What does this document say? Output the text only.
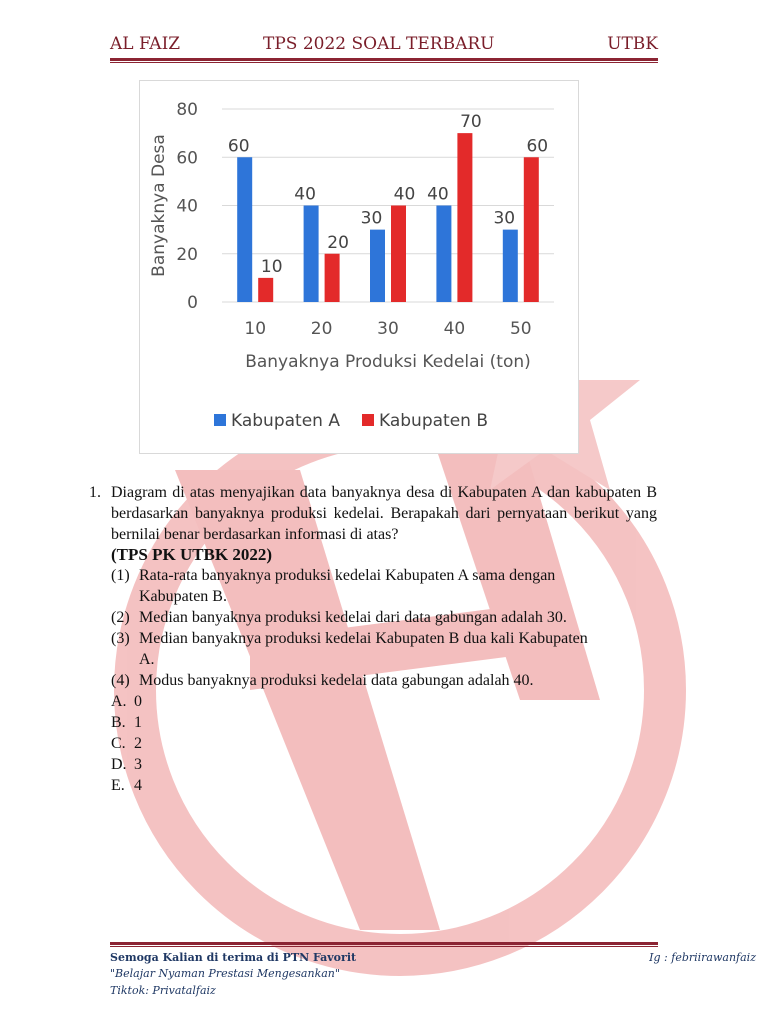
AL FAIZ	TPS 2022 SOAL TERBARU	UTBK
0
20
40
60
80
60
10
10
40
20
20
30
40
30
40
70
40
30
60
50
Banyaknya Produksi Kedelai (ton)
Banyaknya Desa
Kabupaten A Kabupaten B
1. Diagram di atas menyajikan data banyaknya desa di Kabupaten A dan kabupaten B berdasarkan banyaknya produksi kedelai. Berapakah dari pernyataan berikut yang bernilai benar berdasarkan informasi di atas?
(TPS PK UTBK 2022)
(1) Rata-rata banyaknya produksi kedelai Kabupaten A sama dengan
Kabupaten B.
(2) Median banyaknya produksi kedelai dari data gabungan adalah 30.
(3) Median banyaknya produksi kedelai Kabupaten B dua kali Kabupaten
A.
(4) Modus banyaknya produksi kedelai data gabungan adalah 40.
A. 0
B. 1
C. 2
D. 3
E. 4
Semoga Kalian di terima di PTN Favorit
"Belajar Nyaman Prestasi Mengesankan"
Tiktok: Privatalfaiz
Ig : febriirawanfaiz
